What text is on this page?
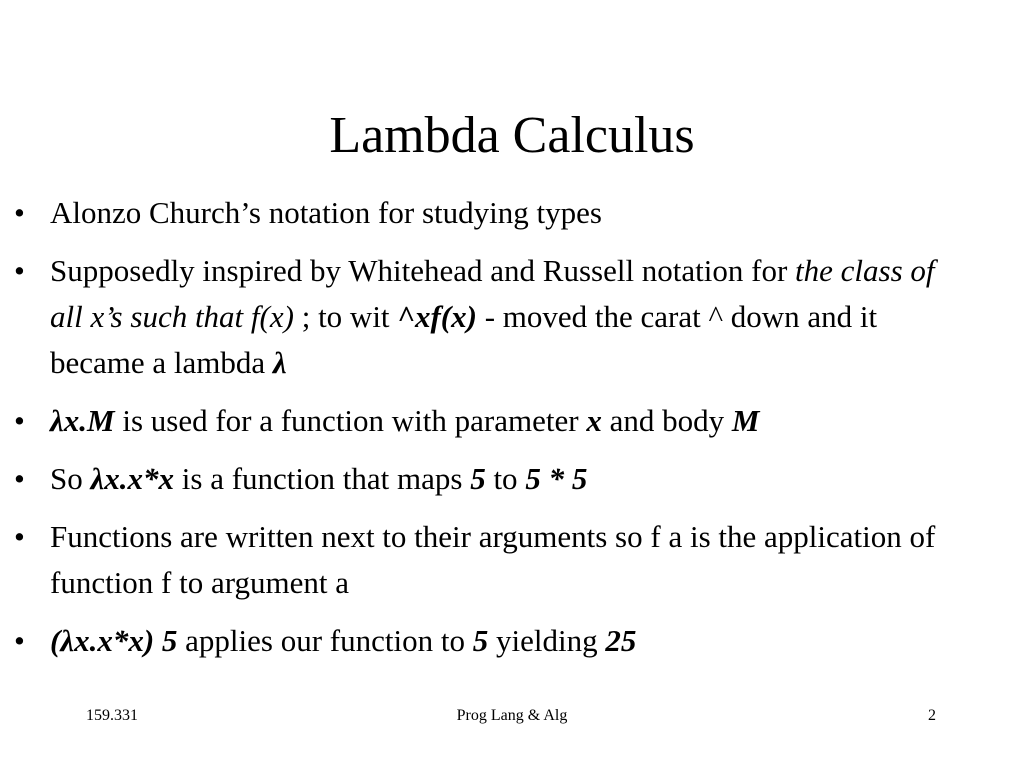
Lambda Calculus
• Alonzo Church’s notation for studying types
• Supposedly inspired by Whitehead and Russell notation for the class of all x’s such that f(x) ; to wit ^xf(x) - moved the carat ^ down and it became a lambda λ
• λx.M is used for a function with parameter x and body M
• So λx.x*x is a function that maps 5 to 5 * 5
• Functions are written next to their arguments so f a is the application of function f to argument a
• (λx.x*x) 5 applies our function to 5 yielding 25
159.331	Prog Lang & Alg	2
